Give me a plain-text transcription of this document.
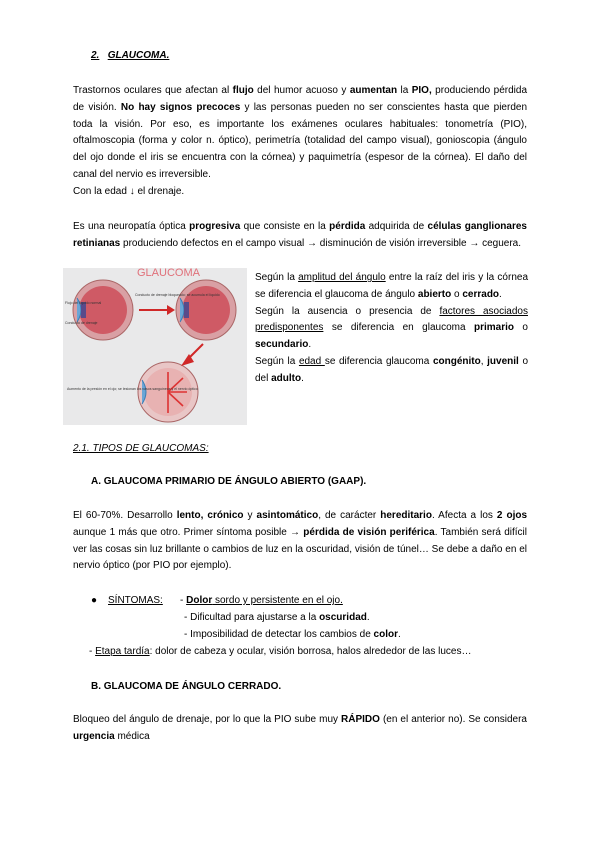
2. GLAUCOMA.

Trastornos oculares que afectan al flujo del humor acuoso y aumentan la PIO, produciendo pérdida de visión. No hay signos precoces y las personas pueden no ser conscientes hasta que pierden toda la visión. Por eso, es importante los exámenes oculares habituales: tonometría (PIO), oftalmoscopia (forma y color n. óptico), perimetría (totalidad del campo visual), gonioscopia (ángulo del ojo donde el iris se encuentra con la córnea) y paquimetría (espesor de la córnea). El daño del canal del nervio es irreversible.

Con la edad ↓ el drenaje.

Es una neuropatía óptica progresiva que consiste en la pérdida adquirida de células ganglionares retinianas produciendo defectos en el campo visual → disminución de visión irreversible → ceguera.

GLAUCOMA
Flujo del líquido normal
Conducto de drenaje
Conducto de drenaje bloqueado; se acumula el líquido
Aumento de la presión en el ojo; se lesionan los vasos sanguíneos y el nervio óptico

Según la amplitud del ángulo entre la raíz del iris y la córnea se diferencia el glaucoma de ángulo abierto o cerrado.

Según la ausencia o presencia de factores asociados predisponentes se diferencia en glaucoma primario o secundario.

Según la edad se diferencia glaucoma congénito, juvenil o del adulto.

2.1. TIPOS DE GLAUCOMAS:
A. GLAUCOMA PRIMARIO DE ÁNGULO ABIERTO (GAAP).

El 60-70%. Desarrollo lento, crónico y asintomático, de carácter hereditario. Afecta a los 2 ojos aunque 1 más que otro. Primer síntoma posible → pérdida de visión periférica. También será difícil ver las cosas sin luz brillante o cambios de luz en la oscuridad, visión de túnel… Se debe a daño en el nervio óptico (por PIO por ejemplo).

● SÍNTOMAS: - Dolor sordo y persistente en el ojo.
- Dificultad para ajustarse a la oscuridad.
- Imposibilidad de detectar los cambios de color.
- Etapa tardía: dolor de cabeza y ocular, visión borrosa, halos alrededor de las luces…
B. GLAUCOMA DE ÁNGULO CERRADO.

Bloqueo del ángulo de drenaje, por lo que la PIO sube muy RÁPIDO (en el anterior no). Se considera urgencia médica
